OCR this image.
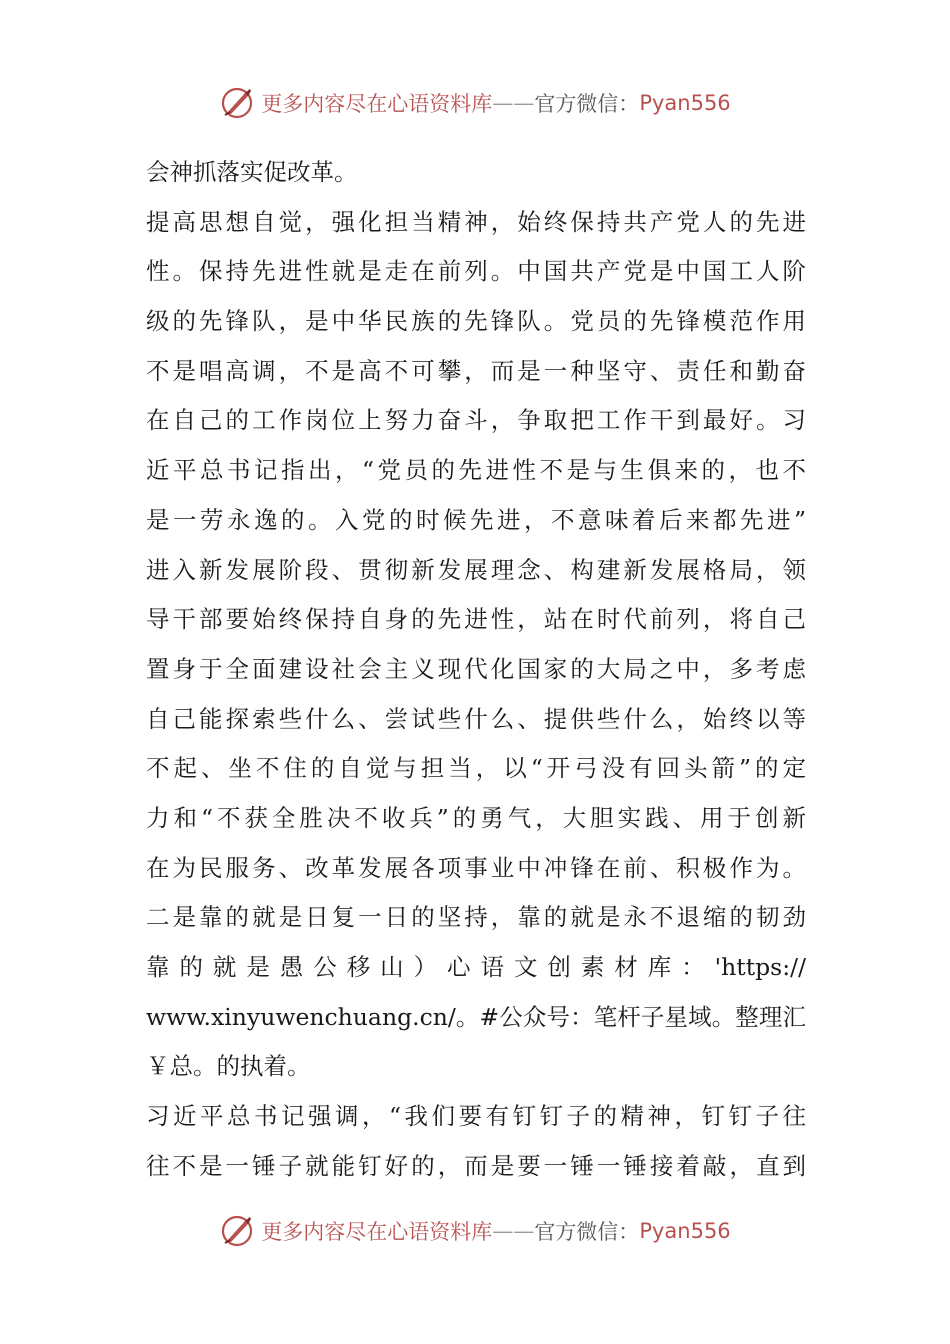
更多内容尽在心语资料库 —— 官方微信： Pyan556
会神抓落实促改革。
提高思想自觉，强化担当精神，始终保持共产党人的先进
性。保持先进性就是走在前列。中国共产党是中国工人阶
级的先锋队，是中华民族的先锋队。党员的先锋模范作用
不是唱高调，不是高不可攀，而是一种坚守、责任和勤奋
在自己的工作岗位上努力奋斗，争取把工作干到最好。习
近平总书记指出，“党员的先进性不是与生俱来的，也不
是一劳永逸的。入党的时候先进，不意味着后来都先进”
进入新发展阶段、贯彻新发展理念、构建新发展格局，领
导干部要始终保持自身的先进性，站在时代前列，将自己
置身于全面建设社会主义现代化国家的大局之中，多考虑
自己能探索些什么、尝试些什么、提供些什么，始终以等
不起、坐不住的自觉与担当，以“开弓没有回头箭”的定
力和“不获全胜决不收兵”的勇气，大胆实践、用于创新
在为民服务、改革发展各项事业中冲锋在前、积极作为。
二是靠的就是日复一日的坚持，靠的就是永不退缩的韧劲
靠的就是愚公移山）心语文创素材库：'https://
www.xinyuwenchuang.cn/。#公众号：笔杆子星域。整理汇
￥总。的执着。
习近平总书记强调，“我们要有钉钉子的精神，钉钉子往
往不是一锤子就能钉好的，而是要一锤一锤接着敲，直到
更多内容尽在心语资料库 —— 官方微信： Pyan556
